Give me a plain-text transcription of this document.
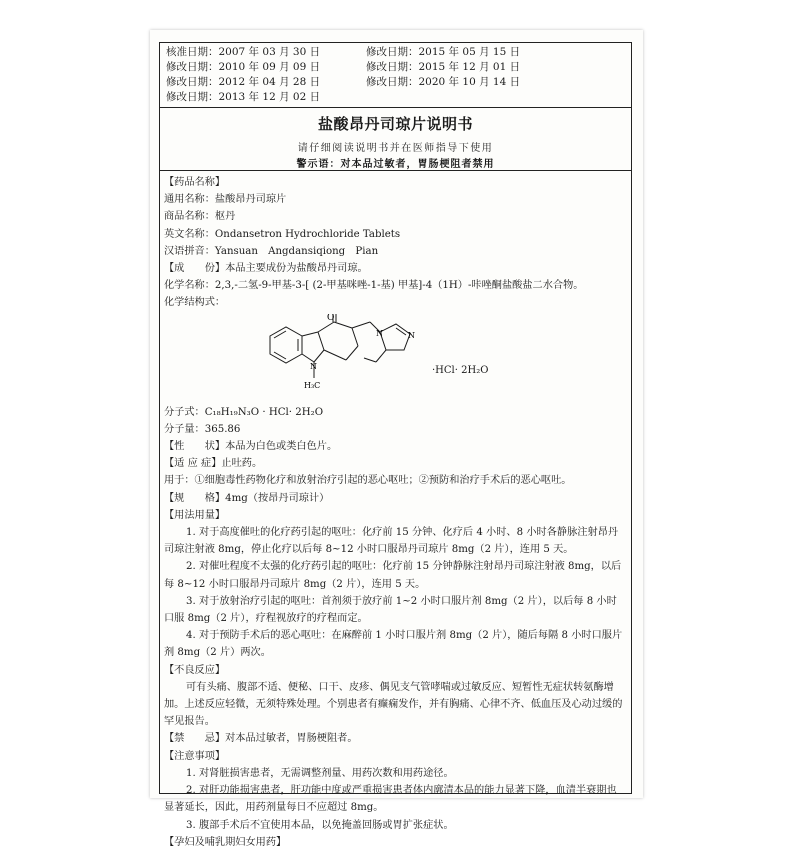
核准日期：2007 年 03 月 30 日	修改日期：2015 年 05 月 15 日
修改日期：2010 年 09 月 09 日	修改日期：2015 年 12 月 01 日
修改日期：2012 年 04 月 28 日	修改日期：2020 年 10 月 14 日
修改日期：2013 年 12 月 02 日
盐酸昂丹司琼片说明书
请仔细阅读说明书并在医师指导下使用
警示语：对本品过敏者，胃肠梗阻者禁用

【药品名称】

通用名称：盐酸昂丹司琼片

商品名称：枢丹

英文名称：Ondansetron Hydrochloride Tablets

汉语拼音：Yansuan　Angdansiqiong　Pian

【成　　份】本品主要成份为盐酸昂丹司琼。

化学名称：2,3,-二氢-9-甲基-3-[ (2-甲基咪唑-1-基) 甲基]-4（1H）-咔唑酮盐酸盐二水合物。

化学结构式：

O
N
N	N
H₃C
·HCl· 2H₂O

分子式：C₁₈H₁₉N₃O · HCl· 2H₂O

分子量：365.86

【性　　状】本品为白色或类白色片。

【适 应 症】止吐药。

用于：①细胞毒性药物化疗和放射治疗引起的恶心呕吐；②预防和治疗手术后的恶心呕吐。

【规　　格】4mg（按昂丹司琼计）

【用法用量】

1. 对于高度催吐的化疗药引起的呕吐：化疗前 15 分钟、化疗后 4 小时、8 小时各静脉注射昂丹司琼注射液 8mg，停止化疗以后每 8~12 小时口服昂丹司琼片 8mg（2 片），连用 5 天。

2. 对催吐程度不太强的化疗药引起的呕吐：化疗前 15 分钟静脉注射昂丹司琼注射液 8mg，以后每 8~12 小时口服昂丹司琼片 8mg（2 片），连用 5 天。

3. 对于放射治疗引起的呕吐：首剂须于放疗前 1~2 小时口服片剂 8mg（2 片），以后每 8 小时口服 8mg（2 片），疗程视放疗的疗程而定。

4. 对于预防手术后的恶心呕吐：在麻醉前 1 小时口服片剂 8mg（2 片），随后每隔 8 小时口服片剂 8mg（2 片）两次。

【不良反应】

可有头痛、腹部不适、便秘、口干、皮疹、偶见支气管哮喘或过敏反应、短暂性无症状转氨酶增加。上述反应轻微，无须特殊处理。个别患者有癫痫发作，并有胸痛、心律不齐、低血压及心动过缓的罕见报告。

【禁　　忌】对本品过敏者，胃肠梗阻者。

【注意事项】

1. 对肾脏损害患者，无需调整剂量、用药次数和用药途径。

2. 对肝功能损害患者，肝功能中度或严重损害患者体内廓清本品的能力显著下降，血清半衰期也显著延长，因此，用药剂量每日不应超过 8mg。

3. 腹部手术后不宜使用本品，以免掩盖回肠或胃扩张症状。

【孕妇及哺乳期妇女用药】
